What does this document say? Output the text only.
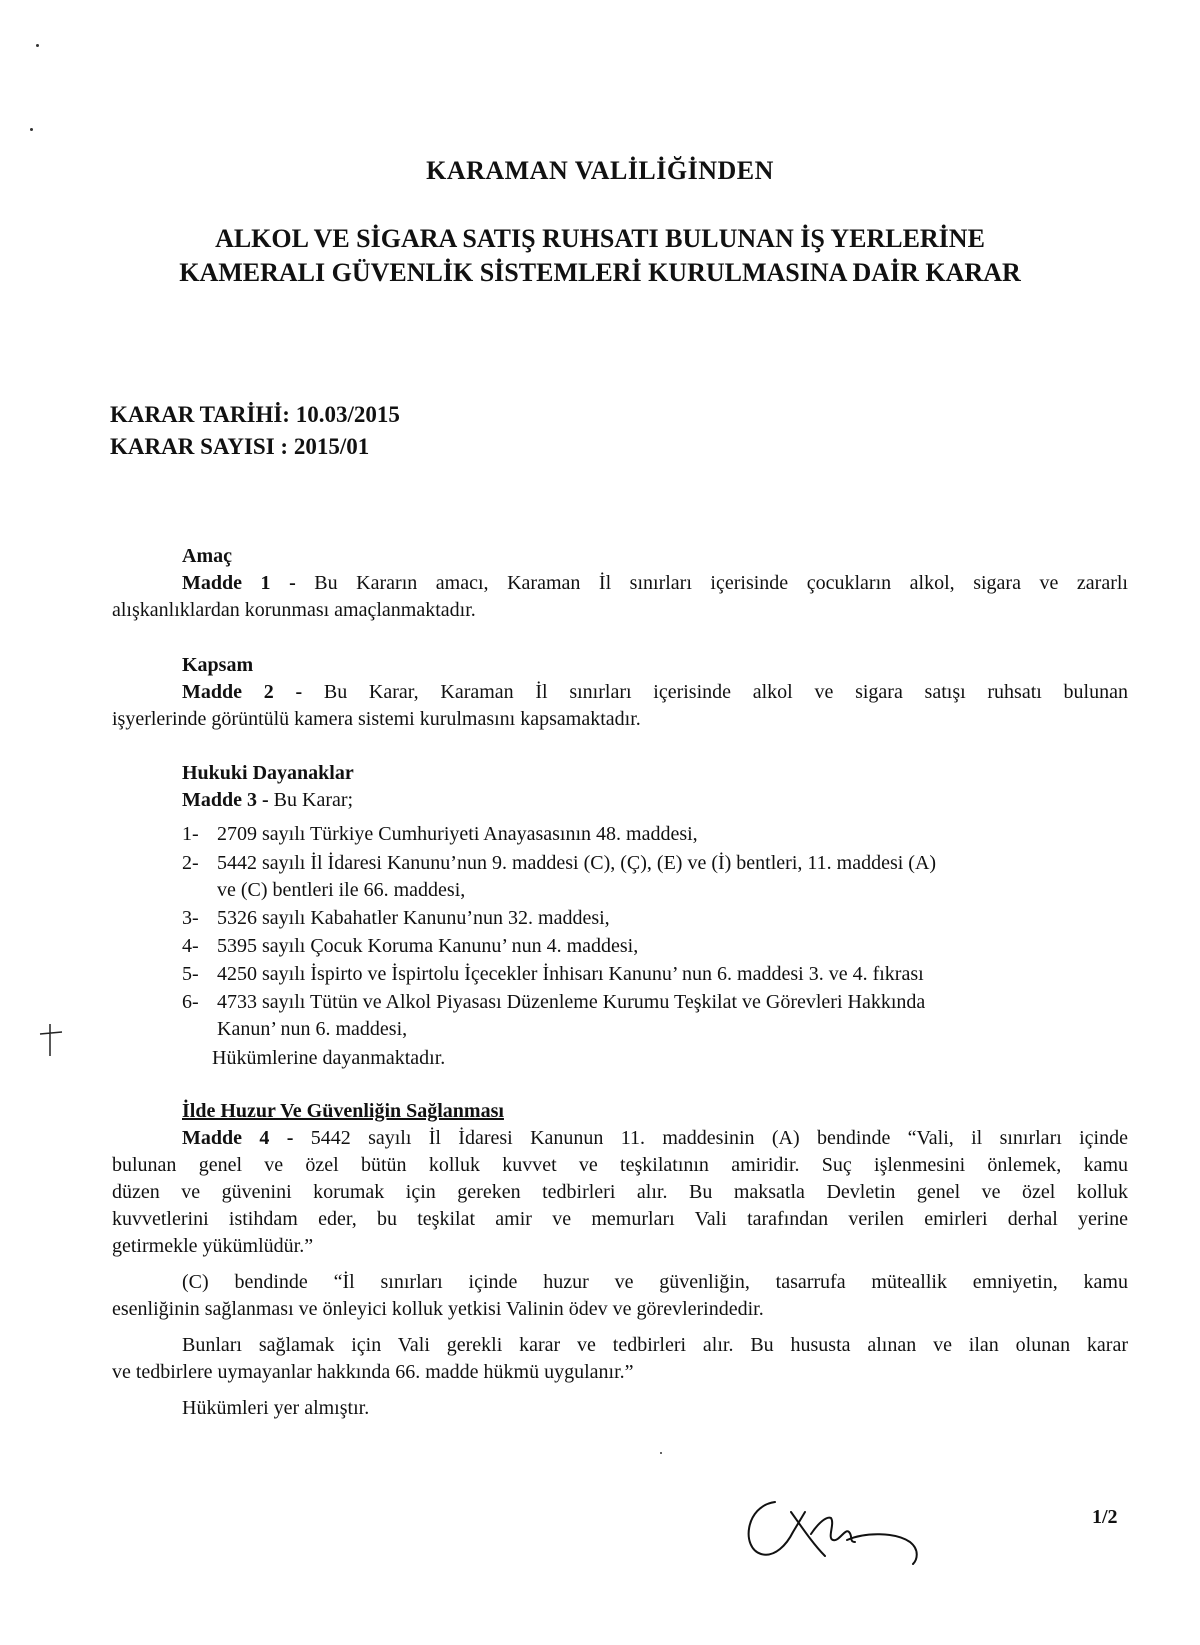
KARAMAN VALİLİĞİNDEN
ALKOL VE SİGARA SATIŞ RUHSATI BULUNAN İŞ YERLERİNE
KAMERALI GÜVENLİK SİSTEMLERİ KURULMASINA DAİR KARAR
KARAR TARİHİ: 10.03/2015
KARAR SAYISI : 2015/01
Amaç
Madde 1 - Bu Kararın amacı, Karaman İl sınırları içerisinde çocukların alkol, sigara ve zararlı
alışkanlıklardan korunması amaçlanmaktadır.
Kapsam
Madde 2 - Bu Karar, Karaman İl sınırları içerisinde alkol ve sigara satışı ruhsatı bulunan
işyerlerinde görüntülü kamera sistemi kurulmasını kapsamaktadır.
Hukuki Dayanaklar
Madde 3 - Bu Karar;
1- 2709 sayılı Türkiye Cumhuriyeti Anayasasının 48. maddesi,
2- 5442 sayılı İl İdaresi Kanunu’nun 9. maddesi (C), (Ç), (E) ve (İ) bentleri, 11. maddesi (A)
ve (C) bentleri ile 66. maddesi,
3- 5326 sayılı Kabahatler Kanunu’nun 32. maddesi,
4- 5395 sayılı Çocuk Koruma Kanunu’ nun 4. maddesi,
5- 4250 sayılı İspirto ve İspirtolu İçecekler İnhisarı Kanunu’ nun 6. maddesi 3. ve 4. fıkrası
6- 4733 sayılı Tütün ve Alkol Piyasası Düzenleme Kurumu Teşkilat ve Görevleri Hakkında
Kanun’ nun 6. maddesi,
Hükümlerine dayanmaktadır.
İlde Huzur Ve Güvenliğin Sağlanması
Madde 4 - 5442 sayılı İl İdaresi Kanunun 11. maddesinin (A) bendinde “Vali, il sınırları içinde
bulunan genel ve özel bütün kolluk kuvvet ve teşkilatının amiridir. Suç işlenmesini önlemek, kamu
düzen ve güvenini korumak için gereken tedbirleri alır. Bu maksatla Devletin genel ve özel kolluk
kuvvetlerini istihdam eder, bu teşkilat amir ve memurları Vali tarafından verilen emirleri derhal yerine
getirmekle yükümlüdür.”
(C) bendinde “İl sınırları içinde huzur ve güvenliğin, tasarrufa müteallik emniyetin, kamu
esenliğinin sağlanması ve önleyici kolluk yetkisi Valinin ödev ve görevlerindedir.
Bunları sağlamak için Vali gerekli karar ve tedbirleri alır. Bu hususta alınan ve ilan olunan karar
ve tedbirlere uymayanlar hakkında 66. madde hükmü uygulanır.”
Hükümleri yer almıştır.
1/2
